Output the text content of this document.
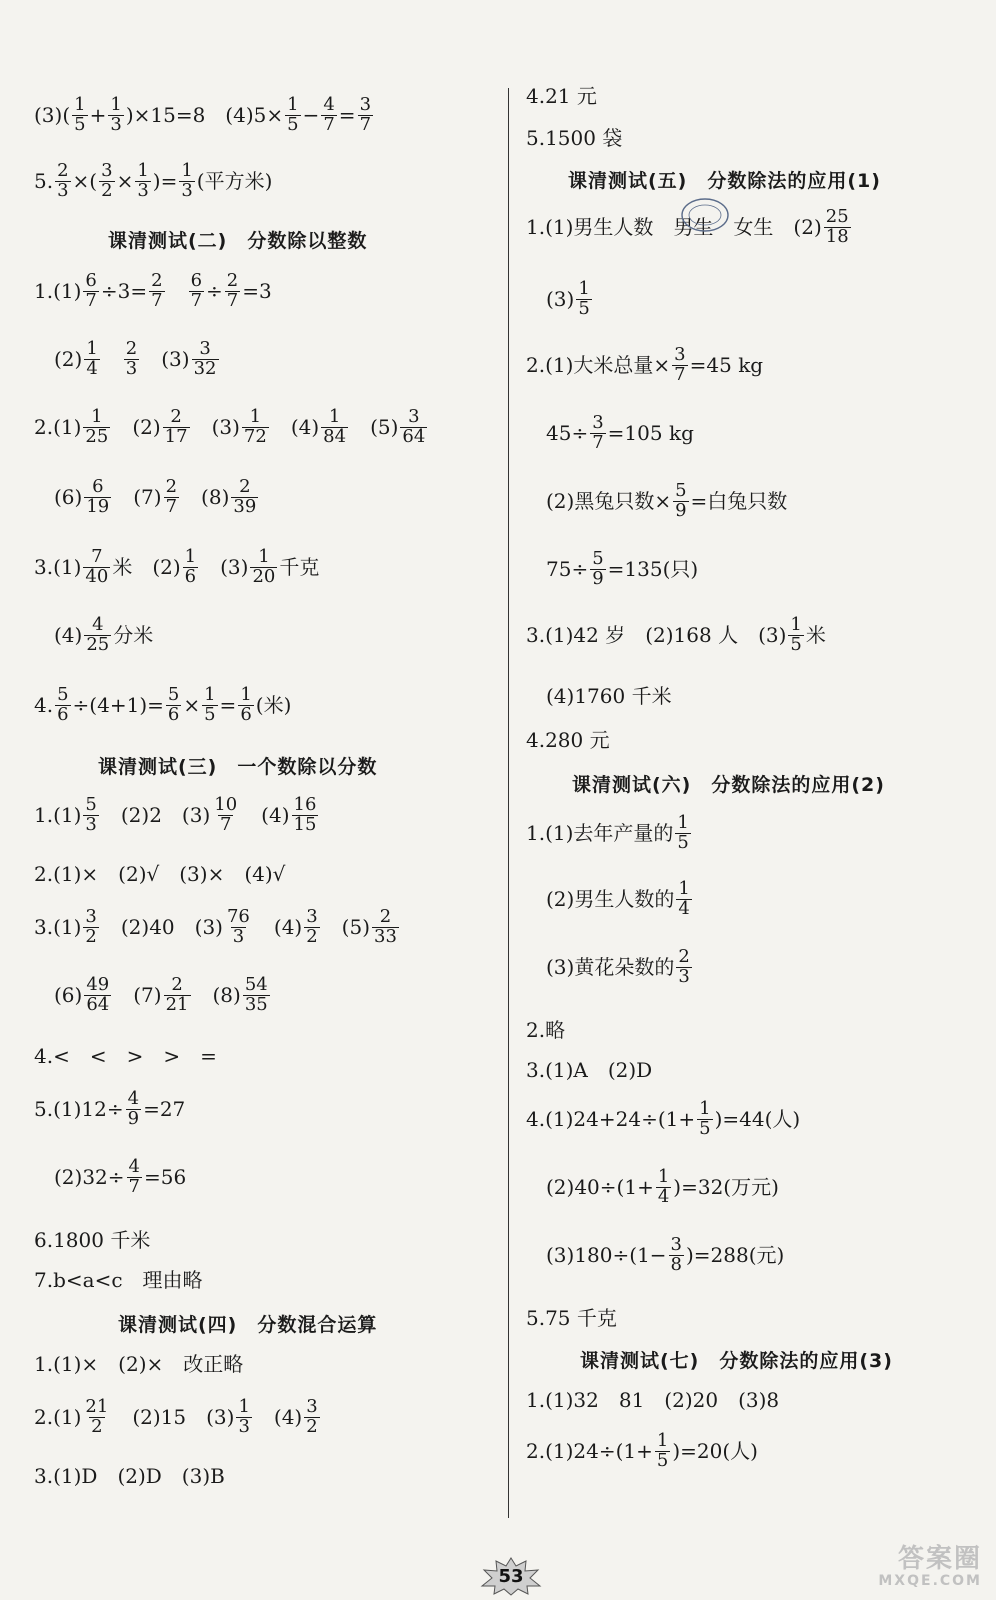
$(3)( \frac{1}{5} + \frac{1}{3} )\times 15=8$　$(4)5\times \frac{1}{5} - \frac{4}{7} = \frac{3}{7}$
5. $\frac{2}{3}$ ×( $\frac{3}{2} \times \frac{1}{3}$ )= $\frac{1}{3}$ (平方米)
课清测试(二)　分数除以整数
$1.(1) \frac{6}{7} \div 3= \frac{2}{7}$
　 $\frac{6}{7} \div \frac{2}{7} =3$
　$(2) \frac{1}{4}$
　 $\frac{2}{3}$ 　$(3) \frac{3}{32}$
$2.(1) \frac{1}{25}$ 　$(2) \frac{2}{17}$ 　$(3) \frac{1}{72}$ 　$(4) \frac{1}{84}$ 　$(5) \frac{3}{64}$
　$(6) \frac{6}{19}$ 　$(7) \frac{2}{7}$ 　$(8) \frac{2}{39}$
$3.(1) \frac{7}{40}$ 米　$(2) \frac{1}{6}$ 　$(3) \frac{1}{20}$ 千克
　$(4) \frac{4}{25}$ 分米
4. $\frac{5}{6} \div(4+1)= \frac{5}{6} \times \frac{1}{5} = \frac{1}{6}$ (米)
课清测试(三)　一个数除以分数
$1.(1) \frac{5}{3}$ 　(2)2　$(3) \frac{10}{7}$ 　$(4) \frac{16}{15}$
2.(1)×　(2)√　(3)×　(4)√
$3.(1) \frac{3}{2}$ 　(2)40　$(3) \frac{76}{3}$ 　$(4) \frac{3}{2}$ 　$(5) \frac{2}{33}$
　$(6) \frac{49}{64}$ 　$(7) \frac{2}{21}$ 　$(8) \frac{54}{35}$
4.<　<　>　>　=
$5.(1)12\div \frac{4}{9} =27$
　$(2)32\div \frac{4}{7} =56$
6.1800 千米
7.b<a<c　理由略
课清测试(四)　分数混合运算
1.(1)×　(2)×　改正略
$2.(1) \frac{21}{2}$ 　(2)15　$(3) \frac{1}{3}$ 　$(4) \frac{3}{2}$
3.(1)D　(2)D　(3)B
4.21 元
5.1500 袋
课清测试(五)　分数除法的应用(1)
1.(1)男生人数　男生　女生　$(2) \frac{25}{18}$
　$(3) \frac{1}{5}$
2.(1)大米总量× $\frac{3}{7} =45$ kg
　$45\div \frac{3}{7} =105$ kg
　(2)黑兔只数× $\frac{5}{9}$ =白兔只数
　$75\div \frac{5}{9} =135$(只)
3.(1)42 岁　(2)168 人　$(3) \frac{1}{5}$ 米
　(4)1760 千米
4.280 元
课清测试(六)　分数除法的应用(2)
1.(1)去年产量的 $\frac{1}{5}$
　(2)男生人数的 $\frac{1}{4}$
　(3)黄花朵数的 $\frac{2}{3}$
2.略
3.(1)A　(2)D
$4.(1)24+24\div(1+ \frac{1}{5} )=44$(人)
　$(2)40\div(1+ \frac{1}{4} )=32$(万元)
　$(3)180\div(1- \frac{3}{8} )=288$(元)
5.75 千克
课清测试(七)　分数除法的应用(3)
1.(1)32　81　(2)20　(3)8
$2.(1)24\div(1+ \frac{1}{5} )=20$(人)
53
答案圈
MXQE.COM
